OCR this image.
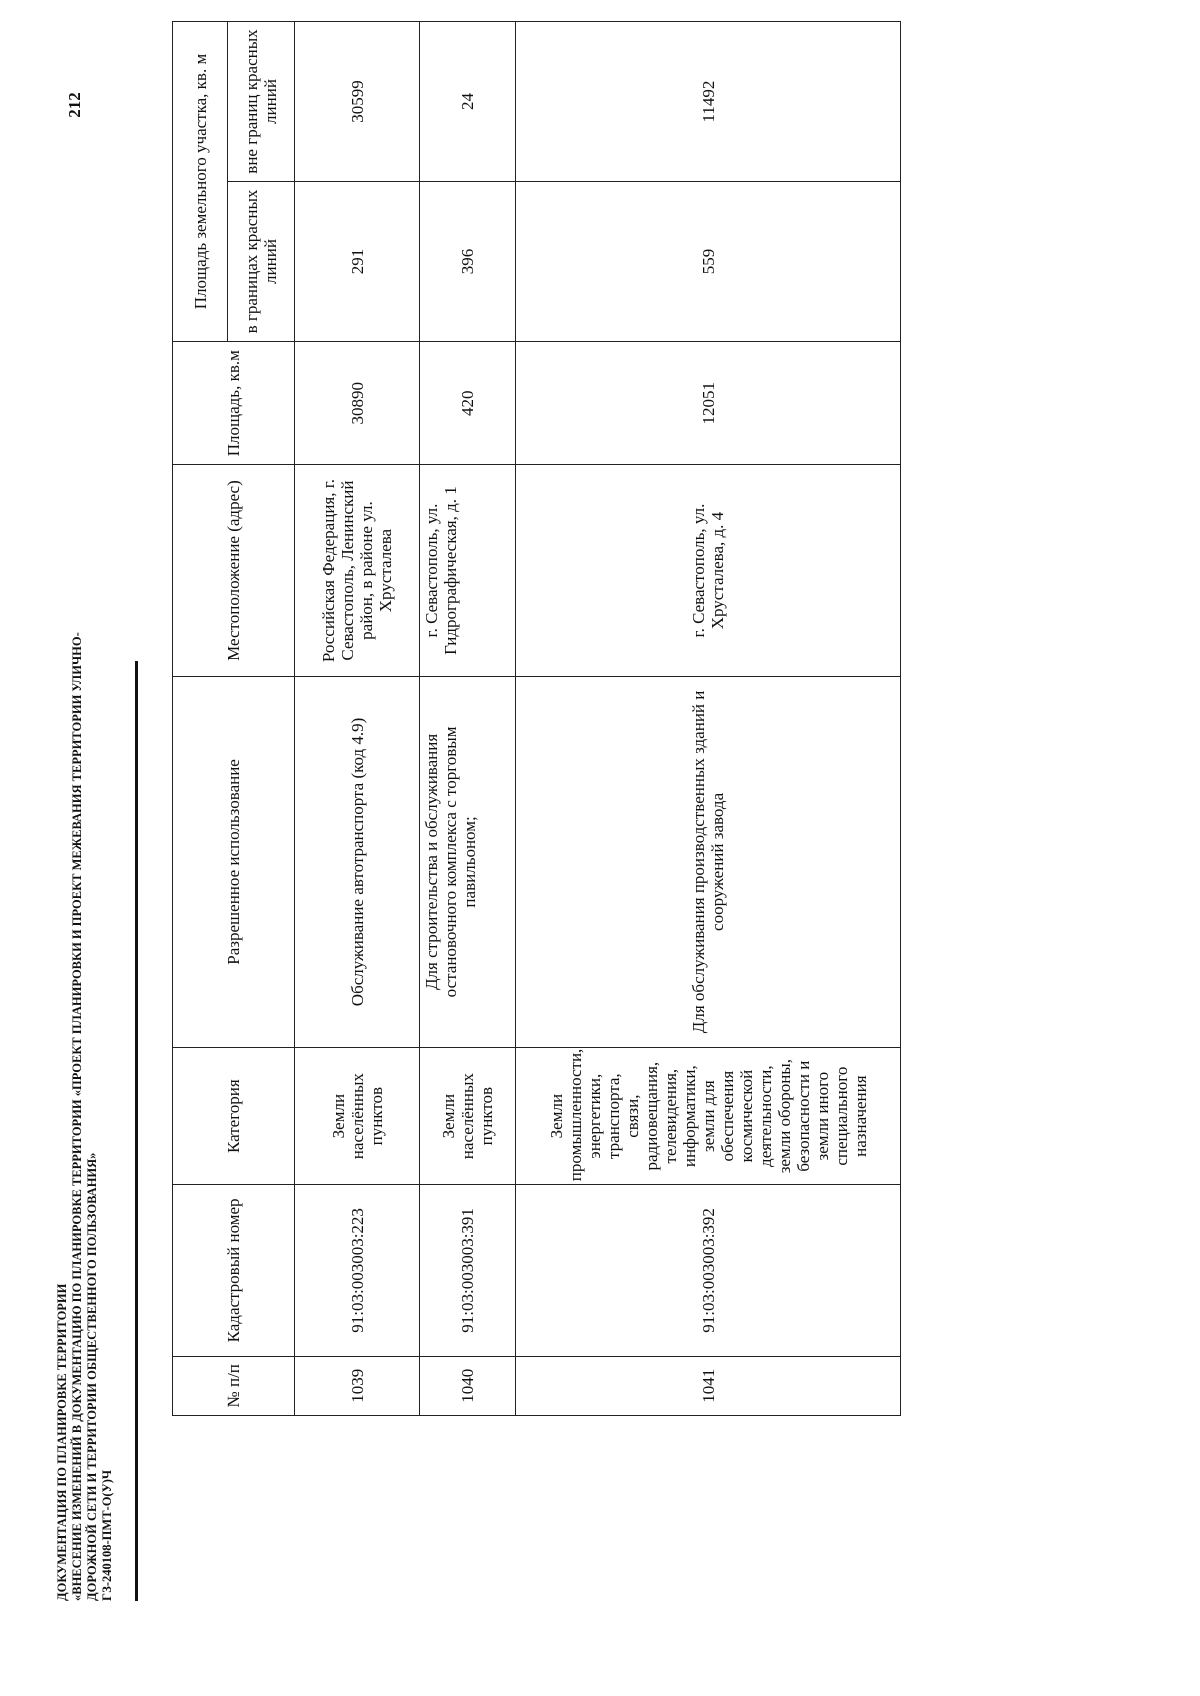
212
ДОКУМЕНТАЦИЯ ПО ПЛАНИРОВКЕ ТЕРРИТОРИИ «ВНЕСЕНИЕ ИЗМЕНЕНИЙ В ДОКУМЕНТАЦИЮ ПО ПЛАНИРОВКЕ ТЕРРИТОРИИ «ПРОЕКТ ПЛАНИРОВКИ И ПРОЕКТ МЕЖЕВАНИЯ ТЕРРИТОРИИ УЛИЧНО- ДОРОЖНОЙ СЕТИ И ТЕРРИТОРИИ ОБЩЕСТВЕННОГО ПОЛЬЗОВАНИЯ» ГЗ-240108-ПМТ-О(У)Ч
№ п/п	Кадастровый номер	Категория	Разрешенное использование	Местоположение (адрес)	Площадь, кв.м	Площадь земельного участка, кв. м	
						в границах красных линий	вне границ красных линий
1039	91:03:003003:223	Земли населённых пунктов	Обслуживание автотранспорта (код 4.9)	Российская Федерация, г. Севастополь, Ленинский район, в районе ул. Хрусталева	30890	291	30599
1040	91:03:003003:391	Земли населённых пунктов	Для строительства и обслуживания остановочного комплекса с торговым павильоном;	г. Севастополь, ул. Гидрографическая, д. 1	420	396	24
1041	91:03:003003:392	Земли промышленности, энергетики, транспорта, связи, радиовещания, телевидения, информатики, земли для обеспечения космической деятельности, земли обороны, безопасности и земли иного специального назначения	Для обслуживания производственных зданий и сооружений завода	г. Севастополь, ул. Хрусталева, д. 4	12051	559	11492
